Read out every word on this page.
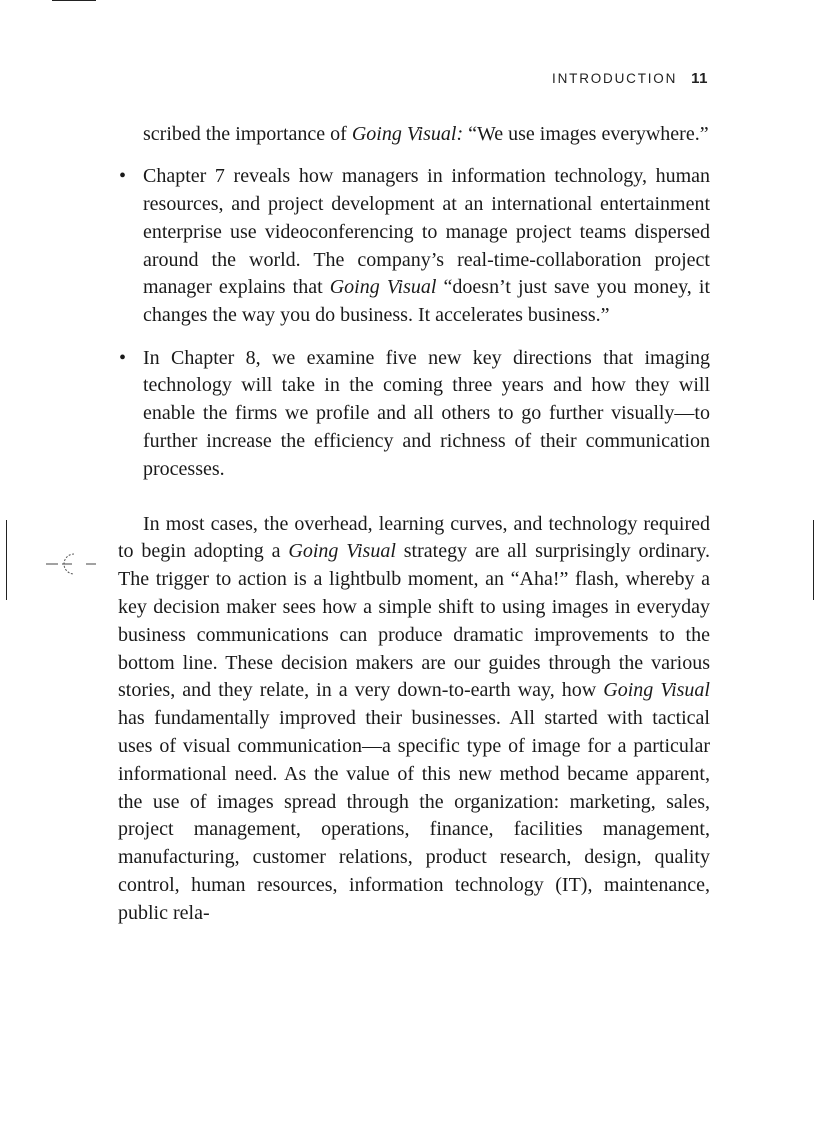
INTRODUCTION 11

scribed the importance of Going Visual: “We use images everywhere.”

• Chapter 7 reveals how managers in information technology, human resources, and project development at an international entertainment enterprise use videoconferencing to manage project teams dispersed around the world. The company’s real-time-collaboration project manager explains that Going Visual “doesn’t just save you money, it changes the way you do business. It accelerates business.”

• In Chapter 8, we examine five new key directions that imaging technology will take in the coming three years and how they will enable the firms we profile and all others to go further visually—to further increase the efficiency and richness of their communication processes.

In most cases, the overhead, learning curves, and technology required to begin adopting a Going Visual strategy are all surprisingly ordinary. The trigger to action is a lightbulb moment, an “Aha!” flash, whereby a key decision maker sees how a simple shift to using images in everyday business communications can produce dramatic improvements to the bottom line. These decision makers are our guides through the various stories, and they relate, in a very down-to-earth way, how Going Visual has fundamentally improved their businesses. All started with tactical uses of visual communication—a specific type of image for a particular informational need. As the value of this new method became apparent, the use of images spread through the organization: marketing, sales, project management, operations, finance, facilities management, manufacturing, customer relations, product research, design, quality control, human resources, information technology (IT), maintenance, public rela-
